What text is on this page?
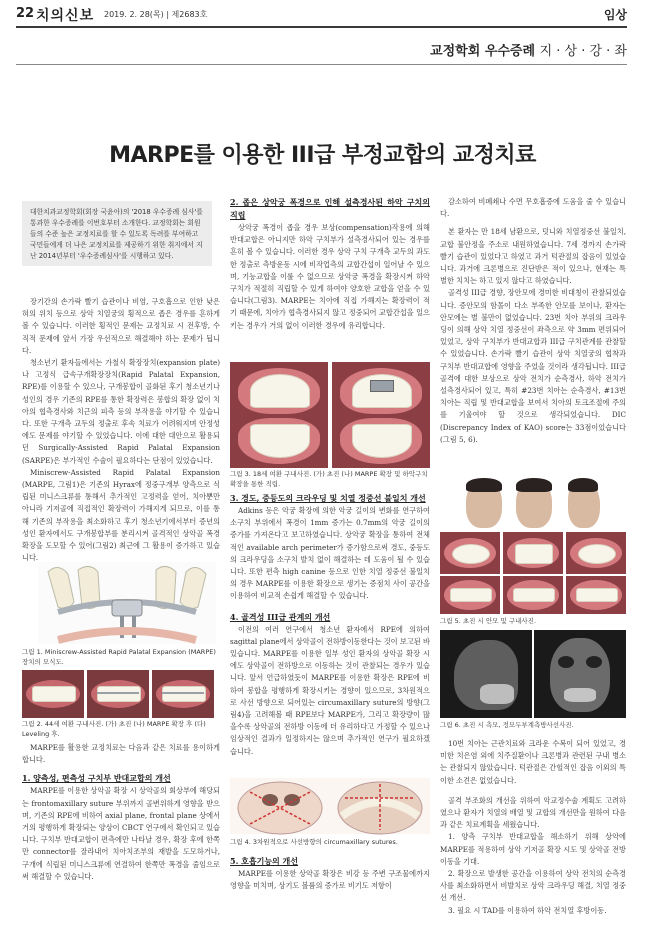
22 치의신보 2019. 2. 28(목) | 제2683호	임상
교정학회 우수증례 지 · 상 · 강 · 좌
MARPE를 이용한 III급 부정교합의 교정치료
대한치과교정학회(회장 국윤아)의 '2018 우수증례 심사'를 통과한 우수증례를 이번호부터 소개한다. 교정학회는 회원들의 수준 높은 교정치료를 할 수 있도록 독려를 부여하고 국민들에게 더 나은 교정치료를 제공하기 위한 취지에서 지난 2014년부터 '우수증례심사'를 시행하고 있다.

장기간의 손가락 빨기 습관이나 비염, 구호흡으로 인한 낮은 혀의 위치 등으로 상악 치열궁의 횡적으로 좁은 경우를 흔하게 볼 수 있습니다. 이러한 횡적인 문제는 교정치료 시 전후방, 수직적 문제에 앞서 가장 우선적으로 해결해야 하는 문제가 됩니다.

청소년기 환자들에서는 가철식 확장장치(expansion plate)나 고정식 급속구개확장장치(Rapid Palatal Expansion, RPE)를 이용할 수 있으나, 구개봉합이 골화된 후기 청소년기나 성인의 경우 기존의 RPE를 통한 확장력은 봉합의 확장 없이 치아의 협측경사와 치근의 피측 등의 부작용을 야기할 수 있습니다. 또한 구개측 교두의 정출로 후속 치료가 어려워지며 안정성에도 문제를 야기할 수 있었습니다. 이에 대한 대안으로 활용되던 Surgically-Assisted Rapid Palatal Expansion (SARPE)은 부가적인 수술이 필요하다는 단점이 있었습니다.

Miniscrew-Assisted Rapid Palatal Expansion (MARPE, 그림1)은 기존의 Hyrax에 정중구개부 양측으로 식립된 미니스크류를 통해서 추가적인 고정력을 얻어, 치아뿐만 아니라 기저골에 직접적인 확장력이 가해지게 되므로, 이를 통해 기존의 부작용을 최소화하고 후기 청소년기에서부터 증년의 성인 환자에서도 구개봉합부를 분리시켜 골격적인 상악골 폭경 확장을 도모할 수 있어(그림2) 최근에 그 활용이 증가하고 있습니다.

그림 1. Miniscrew-Assisted Rapid Palatal Expansion (MARPE) 장치의 모식도.
그림 2. 44세 여환 구내사진. (가) 초진 (나) MARPE 확장 후 (다) Leveling 후.

MARPE를 활용한 교정치료는 다음과 같은 치료를 용이하게 합니다.

1. 양측성, 편측성 구치부 반대교합의 개선

MARPE를 이용한 상악골 확장 시 상악골의 회상부에 해당되는 frontomaxillary suture 부위까지 골변위하게 영향을 받으며, 기존의 RPE에 비하여 axial plane, frontal plane 상에서 거의 평행하게 확장되는 양상이 CBCT 연구에서 확인되고 있습니다. 구치부 반대교합이 편측에만 나타날 경우, 확장 후에 한쪽만 connector를 잘라내어 치아치조부의 재발을 도모하거나, 구개에 식립된 미니스크류에 연결하여 한쪽만 폭경을 줄임으로써 해결할 수 있습니다.

2. 좁은 상악궁 폭경으로 인해 설측경사된 하악 구치의 직립

상악궁 폭경이 좁을 경우 보상(compensation)작용에 의해 반대교합은 아니지만 하악 구치부가 설측경사되어 있는 경우를 흔히 볼 수 있습니다. 이러한 경우 상악 구치 구개측 교두의 과도한 정출로 측방운동 시에 비작업측의 교합간섭이 일어날 수 있으며, 기능교합을 이룰 수 없으므로 상악궁 폭경을 확장시켜 하악 구치가 적절히 직립할 수 있게 하여야 양호한 교합을 얻을 수 있습니다(그림3). MARPE는 치아에 직접 가해지는 확장력이 적기 때문에, 치아가 협측경사되지 않고 정중되어 교합간섭을 일으키는 경우가 거의 없이 이러한 경우에 유리합니다.

그림 3. 18세 여환 구내사진. (가) 초진 (나) MARPE 확장 및 하악구치 확장을 통한 직립.

3. 경도, 중등도의 크라우딩 및 치열 정중선 불일치 개선

Adkins 등은 악궁 확장에 의한 악궁 길이의 변화를 연구하여 소구치 부위에서 폭경이 1mm 증가는 0.7mm의 악궁 길이의 증가를 가져온다고 보고하였습니다. 상악궁 확장을 통하여 전체적인 available arch perimeter가 증가함으로써 경도, 중등도의 크라우딩을 소구치 발치 없이 해결하는 데 도움이 될 수 있습니다. 또한 편측 high canine 등으로 인한 치열 정중선 불일치의 경우 MARPE를 이용한 확장으로 생기는 증점치 사이 공간을 이용하여 비교적 손쉽게 해결할 수 있습니다.

4. 골격성 III급 관계의 개선

이전의 여러 연구에서 청소년 환자에서 RPE에 의하여 sagittal plane에서 상악골이 전하방이동한다는 것이 보고된 바 있습니다. MARPE를 이용한 일부 성인 환자의 상악골 확장 시에도 상악골이 전하방으로 이동하는 것이 관찰되는 경우가 있습니다. 앞서 언급하였듯이 MARPE를 이용한 확장은 RPE에 비하여 봉합을 평행하게 확장시키는 경향이 있으므로, 3차원적으로 사선 방향으로 되어있는 circumaxillary suture의 방향(그림4)을 고려해볼 때 RPE보다 MARPE가, 그리고 확장량이 많을수록 상악골의 전하방 이동에 더 유리하다고 가정할 수 있으나 임상적인 결과가 일정하지는 않으며 추가적인 연구가 필요하겠습니다.

그림 4. 3차원적으로 사선방향의 circumaxillary sutures.

5. 호흡기능의 개선

MARPE를 이용한 상악골 확장은 비강 등 주변 구조물에까지 영향을 미치며, 상기도 볼륨의 증가로 비기도 저항이

감소하여 비폐쇄나 수면 무호흡증에 도움을 줄 수 있습니다.

본 환자는 만 18세 남환으로, 덧니와 치열정중선 불일치, 교합 불안정을 주소로 내원하였습니다. 7세 경까지 손가락 빨기 습관이 있었다고 하였고 과거 턱관절의 잡음이 있었습니다. 과거에 크론병으로 진단받은 적이 있으나, 현재는 특별한 치치는 하고 있지 않다고 하였습니다.

골격성 III급 경향, 장안모에 경미한 비대칭이 관찰되었습니다. 증안모의 함몰이 다소 부족한 안모를 보이나, 환자는 안모에는 별 불만이 없었습니다. 23번 치아 부위의 크라우딩이 의해 상악 치열 정중선이 좌측으로 약 3mm 편위되어 있었고, 상악 구치부가 반대교합과 III급 구치관계를 관찰할 수 있었습니다. 손가락 빨기 습관이 상악 치열궁의 협착과 구치부 반대교합에 영향을 주었을 것이라 생각됩니다. III급 골격에 대한 보상으로 상악 전치가 순측경사, 하악 전치가 설측경사되어 있고, 특히 #23번 치아는 순측경사, #13번 치아는 직립 및 반대교합을 보여서 치아의 토크조절에 주의를 기울여야 할 것으로 생각되었습니다. DIC (Discrepancy Index of KAO) score는 33점이었습니다(그림 5, 6).

그림 5. 초진 시 안모 및 구내사진.
그림 6. 초진 시 측모, 정모두부계측방사선사진.

10번 치아는 근관치료와 크라운 수복이 되어 있었고, 경미한 치은염 외에 치주질환이나 크론병과 관련된 구내 병소는 관찰되지 않았습니다. 턱관절은 간헐적인 잡음 이외의 특이한 소견은 없었습니다.

골격 부조화의 개선을 위하여 악교정수술 계획도 고려하였으나 환자가 치열의 배열 및 교합의 개선만을 원하여 다음과 같은 치료계획을 세웠습니다.

1. 양측 구치부 반대교합을 해소하기 위해 상악에 MARPE를 적용하여 상악 기저골 확장 시도 및 상악골 전방이동을 기대.

2. 확장으로 발생한 공간을 이용하여 상악 전치의 순측경사를 최소화하면서 비발치로 상악 크라우딩 해결, 치열 정중선 개선.

3. 필요 시 TAD를 이용하여 하악 전치열 후방이동.
